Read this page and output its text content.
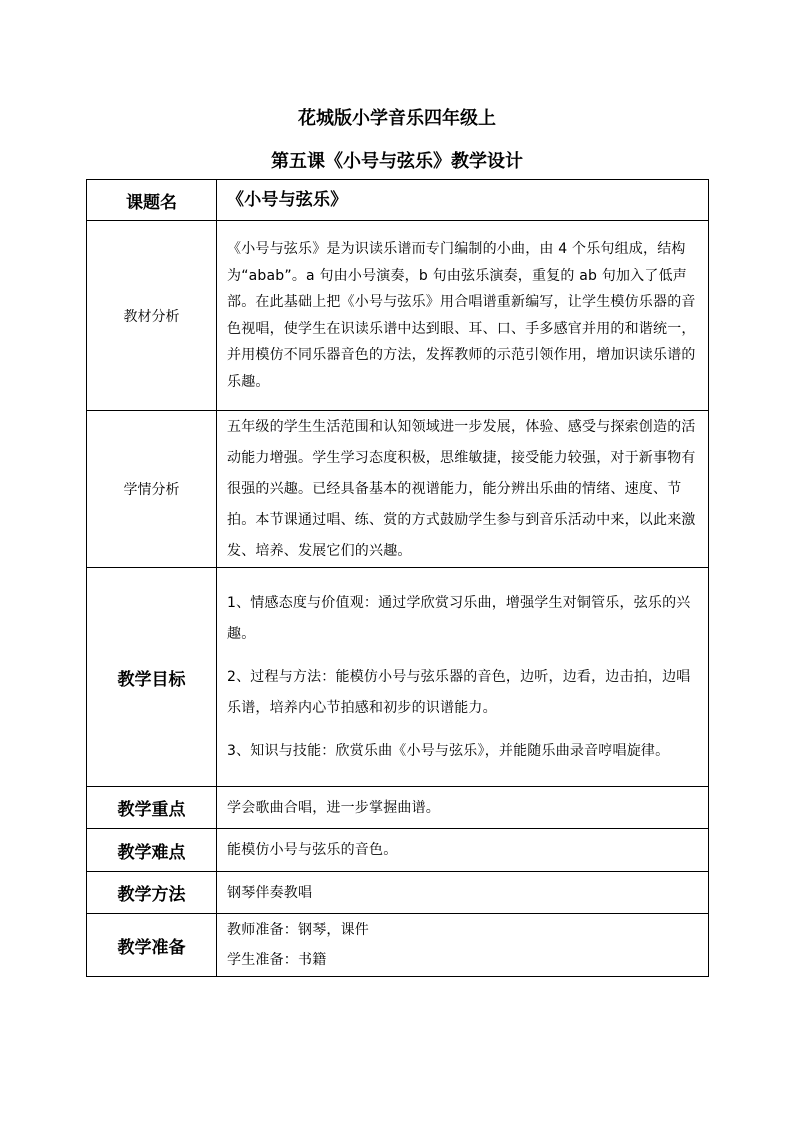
花城版小学音乐四年级上
第五课《小号与弦乐》教学设计
课题名	《小号与弦乐》
教材分析	《小号与弦乐》是为识读乐谱而专门编制的小曲，由 4 个乐句组成，结构为“abab”。a 句由小号演奏，b 句由弦乐演奏，重复的 ab 句加入了低声部。在此基础上把《小号与弦乐》用合唱谱重新编写，让学生模仿乐器的音色视唱，使学生在识读乐谱中达到眼、耳、口、手多感官并用的和谐统一，并用模仿不同乐器音色的方法，发挥教师的示范引领作用，增加识读乐谱的乐趣。

学情分析	五年级的学生生活范围和认知领域进一步发展，体验、感受与探索创造的活动能力增强。学生学习态度积极，思维敏捷，接受能力较强，对于新事物有很强的兴趣。已经具备基本的视谱能力，能分辨出乐曲的情绪、速度、节拍。本节课通过唱、练、赏的方式鼓励学生参与到音乐活动中来，以此来激发、培养、发展它们的兴趣。

教学目标	1、情感态度与价值观：通过学欣赏习乐曲，增强学生对铜管乐，弦乐的兴趣。

2、过程与方法：能模仿小号与弦乐器的音色，边听，边看，边击拍，边唱乐谱，培养内心节拍感和初步的识谱能力。

3、知识与技能：欣赏乐曲《小号与弦乐》，并能随乐曲录音哼唱旋律。

教学重点	学会歌曲合唱，进一步掌握曲谱。
教学难点	能模仿小号与弦乐的音色。
教学方法	钢琴伴奏教唱
教学准备	教师准备：钢琴，课件
学生准备：书籍
